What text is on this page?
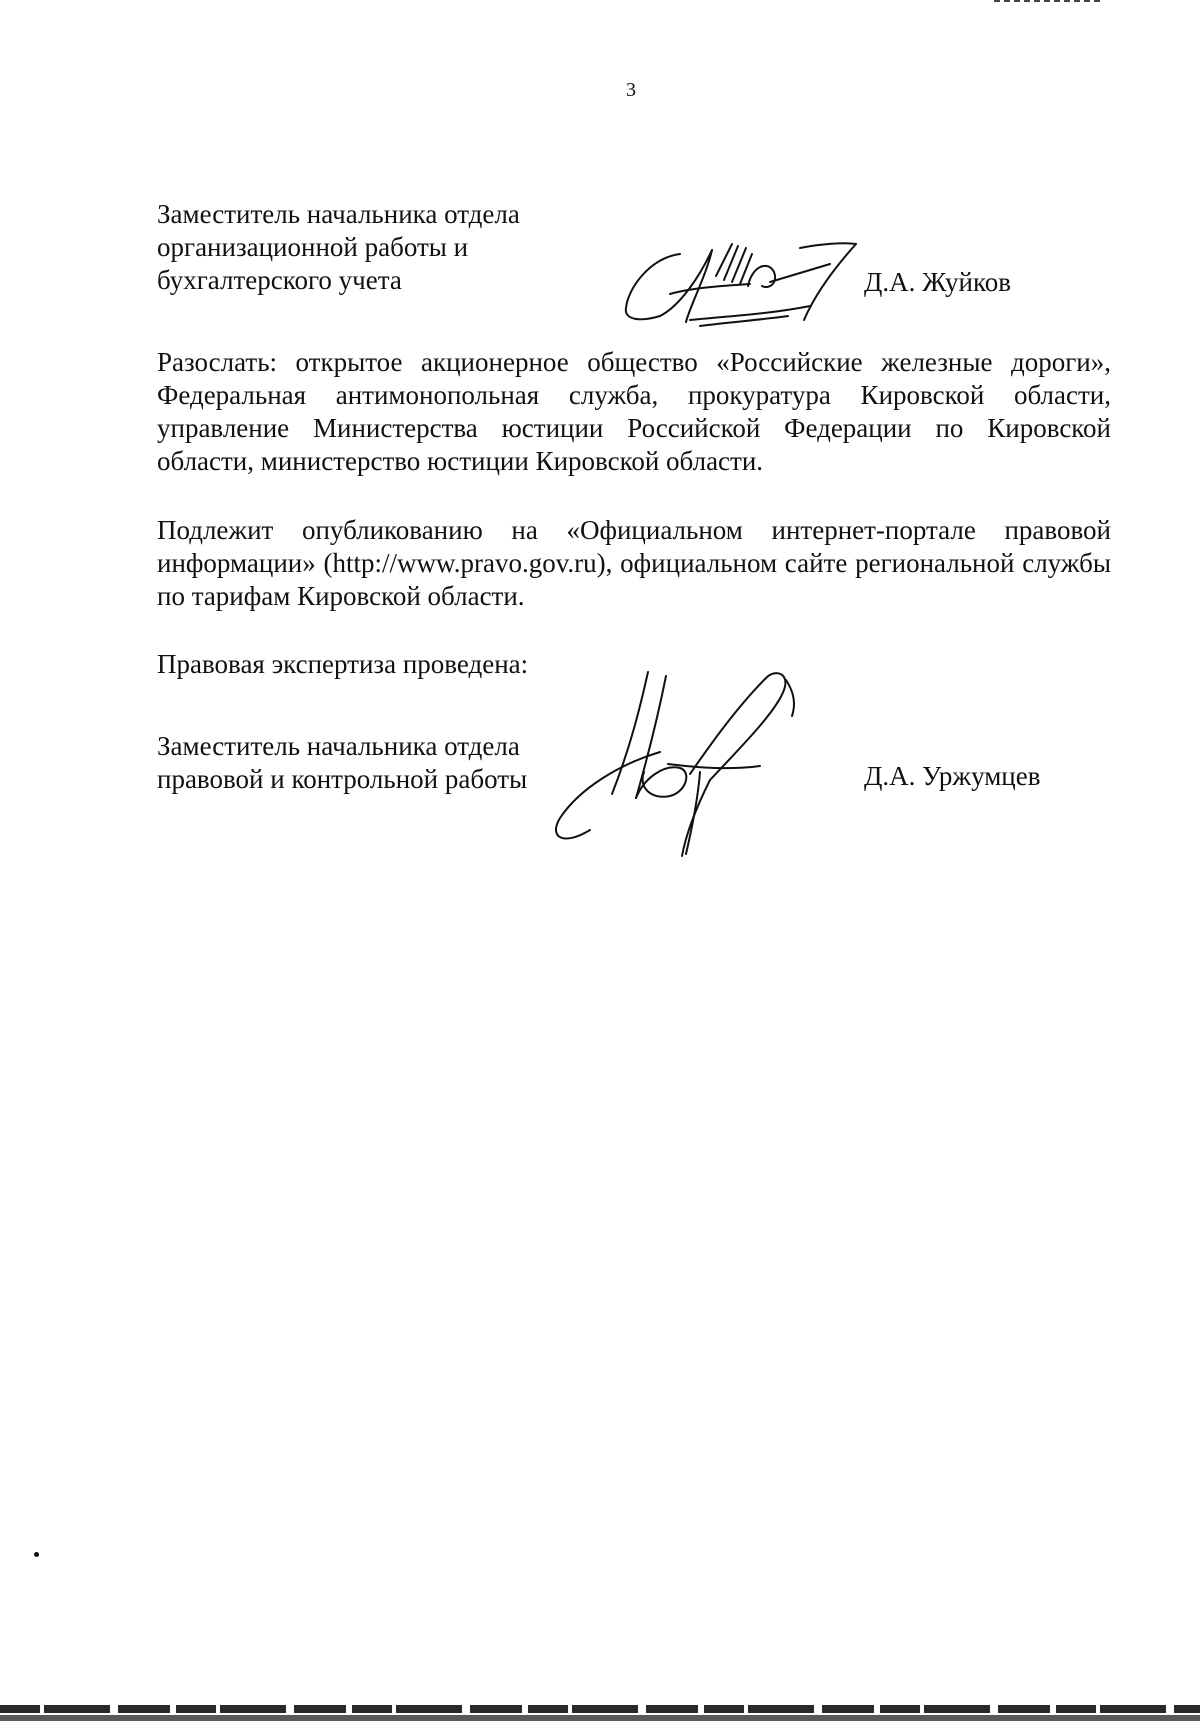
3
Заместитель начальника отдела
организационной работы и
бухгалтерского учета	Д.А. Жуйков
Разослать: открытое акционерное общество «Российские железные дороги», Федеральная антимонопольная служба, прокуратура Кировской области, управление Министерства юстиции Российской Федерации по Кировской области, министерство юстиции Кировской области.
Подлежит опубликованию на «Официальном интернет-портале правовой информации» (http://www.pravo.gov.ru), официальном сайте региональной службы по тарифам Кировской области.
Правовая экспертиза проведена:
Заместитель начальника отдела
правовой и контрольной работы	Д.А. Уржумцев
